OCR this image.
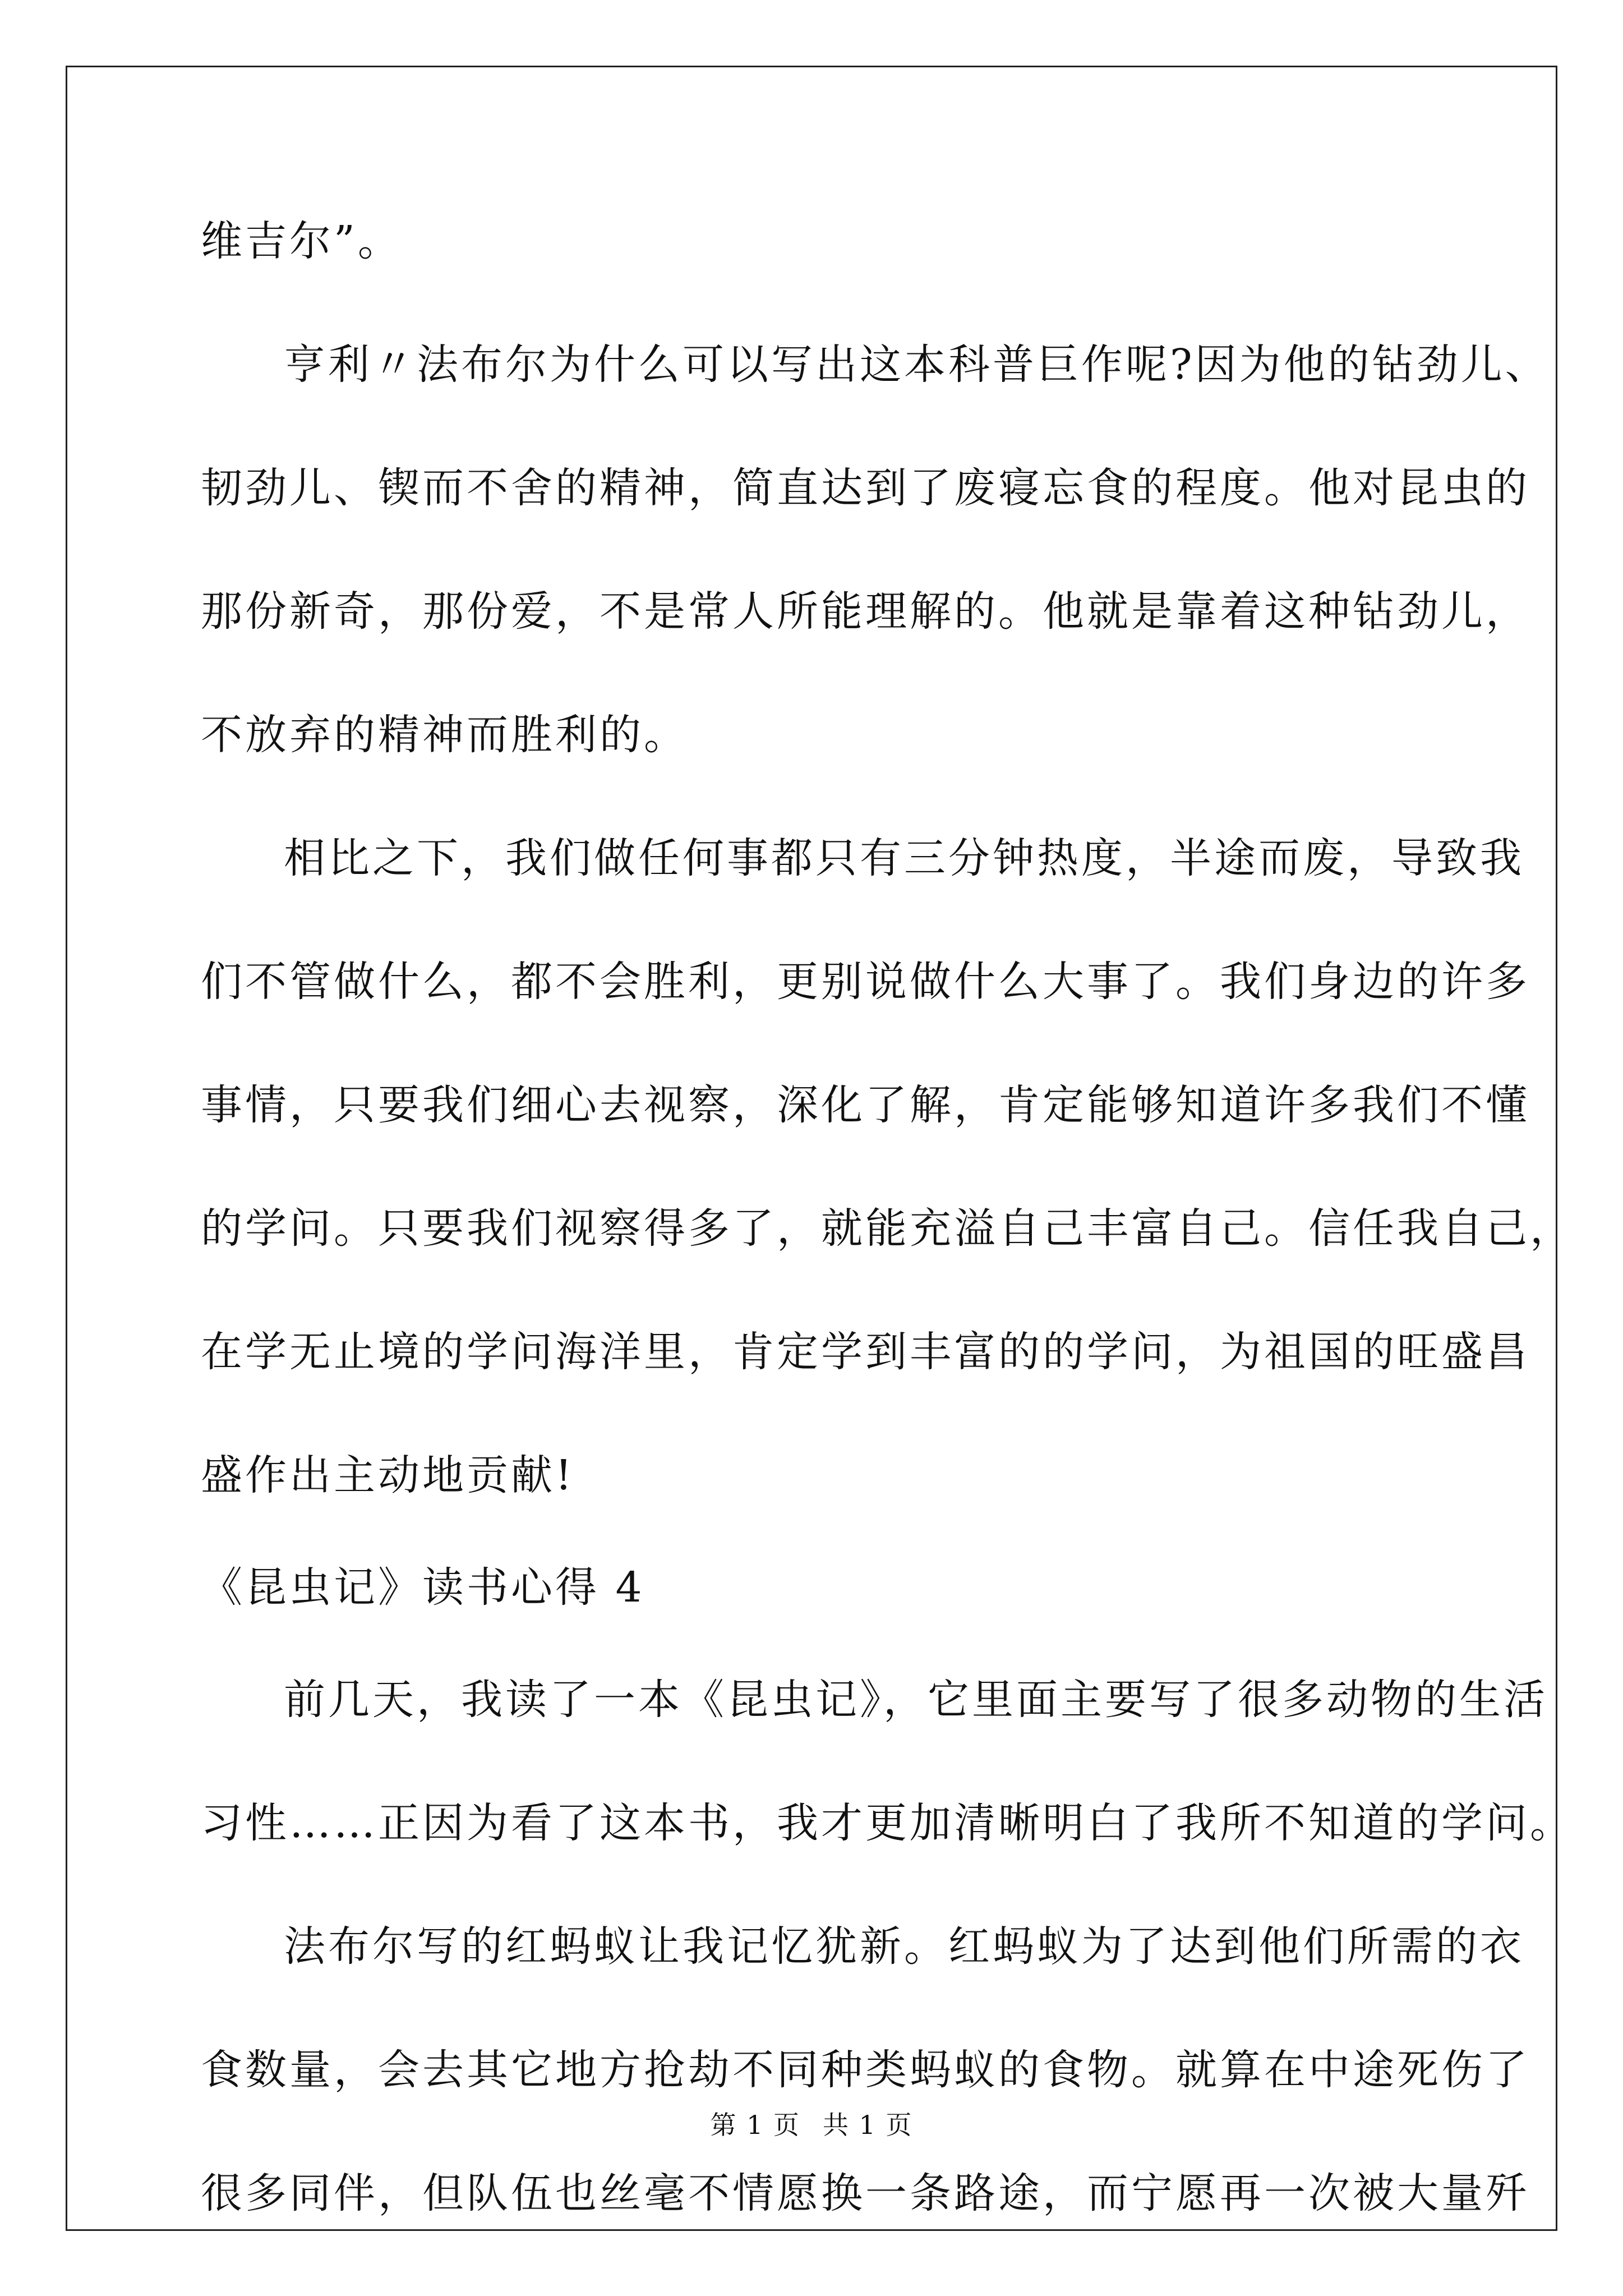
维吉尔”。
亨利〃法布尔为什么可以写出这本科普巨作呢?因为他的钻劲儿、
韧劲儿、锲而不舍的精神，简直达到了废寝忘食的程度。他对昆虫的
那份新奇，那份爱，不是常人所能理解的。他就是靠着这种钻劲儿，
不放弃的精神而胜利的。
相比之下，我们做任何事都只有三分钟热度，半途而废，导致我
们不管做什么，都不会胜利，更别说做什么大事了。我们身边的许多
事情，只要我们细心去视察，深化了解，肯定能够知道许多我们不懂
的学问。只要我们视察得多了，就能充溢自己丰富自己。信任我自己，
在学无止境的学问海洋里，肯定学到丰富的的学问，为祖国的旺盛昌
盛作出主动地贡献!
《昆虫记》读书心得 4
前几天，我读了一本《昆虫记》，它里面主要写了很多动物的生活
习性……正因为看了这本书，我才更加清晰明白了我所不知道的学问。
法布尔写的红蚂蚁让我记忆犹新。红蚂蚁为了达到他们所需的衣
食数量，会去其它地方抢劫不同种类蚂蚁的食物。就算在中途死伤了
很多同伴，但队伍也丝毫不情愿换一条路途，而宁愿再一次被大量歼
第 1 页 共 1 页
